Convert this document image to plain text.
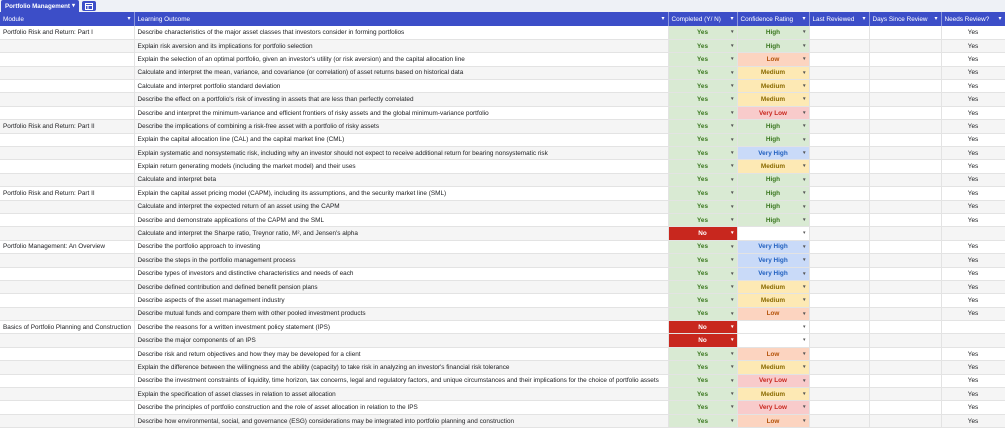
Portfolio Management ▾
Module ▾	Learning Outcome ▾	Completed (Y/ N) ▾	Confidence Rating ▾	Last Reviewed ▾	Days Since Review ▾	Needs Review? ▾

Portfolio Risk and Return: Part I	Describe characteristics of the major asset classes that investors consider in forming portfolios	Yes ▾	High ▾			Yes
	Explain risk aversion and its implications for portfolio selection	Yes ▾	High ▾			Yes
	Explain the selection of an optimal portfolio, given an investor's utility (or risk aversion) and the capital allocation line	Yes ▾	Low ▾			Yes
	Calculate and interpret the mean, variance, and covariance (or correlation) of asset returns based on historical data	Yes ▾	Medium ▾			Yes
	Calculate and interpret portfolio standard deviation	Yes ▾	Medium ▾			Yes
	Describe the effect on a portfolio's risk of investing in assets that are less than perfectly correlated	Yes ▾	Medium ▾			Yes
	Describe and interpret the minimum-variance and efficient frontiers of risky assets and the global minimum-variance portfolio	Yes ▾	Very Low ▾			Yes
Portfolio Risk and Return: Part II	Describe the implications of combining a risk-free asset with a portfolio of risky assets	Yes ▾	High ▾			Yes
	Explain the capital allocation line (CAL) and the capital market line (CML)	Yes ▾	High ▾			Yes
	Explain systematic and nonsystematic risk, including why an investor should not expect to receive additional return for bearing nonsystematic risk	Yes ▾	Very High ▾			Yes
	Explain return generating models (including the market model) and their uses	Yes ▾	Medium ▾			Yes
	Calculate and interpret beta	Yes ▾	High ▾			Yes
Portfolio Risk and Return: Part II	Explain the capital asset pricing model (CAPM), including its assumptions, and the security market line (SML)	Yes ▾	High ▾			Yes
	Calculate and interpret the expected return of an asset using the CAPM	Yes ▾	High ▾			Yes
	Describe and demonstrate applications of the CAPM and the SML	Yes ▾	High ▾			Yes
	Calculate and interpret the Sharpe ratio, Treynor ratio, M², and Jensen's alpha	No ▾	▾			

Portfolio Management: An Overview	Describe the portfolio approach to investing	Yes ▾	Very High ▾			Yes
	Describe the steps in the portfolio management process	Yes ▾	Very High ▾			Yes
	Describe types of investors and distinctive characteristics and needs of each	Yes ▾	Very High ▾			Yes
	Describe defined contribution and defined benefit pension plans	Yes ▾	Medium ▾			Yes
	Describe aspects of the asset management industry	Yes ▾	Medium ▾			Yes
	Describe mutual funds and compare them with other pooled investment products	Yes ▾	Low ▾			Yes
Basics of Portfolio Planning and Construction	Describe the reasons for a written investment policy statement (IPS)	No ▾	▾			

	Describe the major components of an IPS	No ▾	▾			

	Describe risk and return objectives and how they may be developed for a client	Yes ▾	Low ▾			Yes
	Explain the difference between the willingness and the ability (capacity) to take risk in analyzing an investor's financial risk tolerance	Yes ▾	Medium ▾			Yes
	Describe the investment constraints of liquidity, time horizon, tax concerns, legal and regulatory factors, and unique circumstances and their implications for the choice of portfolio assets	Yes ▾	Very Low ▾			Yes
	Explain the specification of asset classes in relation to asset allocation	Yes ▾	Medium ▾			Yes
	Describe the principles of portfolio construction and the role of asset allocation in relation to the IPS	Yes ▾	Very Low ▾			Yes
	Describe how environmental, social, and governance (ESG) considerations may be integrated into portfolio planning and construction	Yes ▾	Low ▾			Yes
